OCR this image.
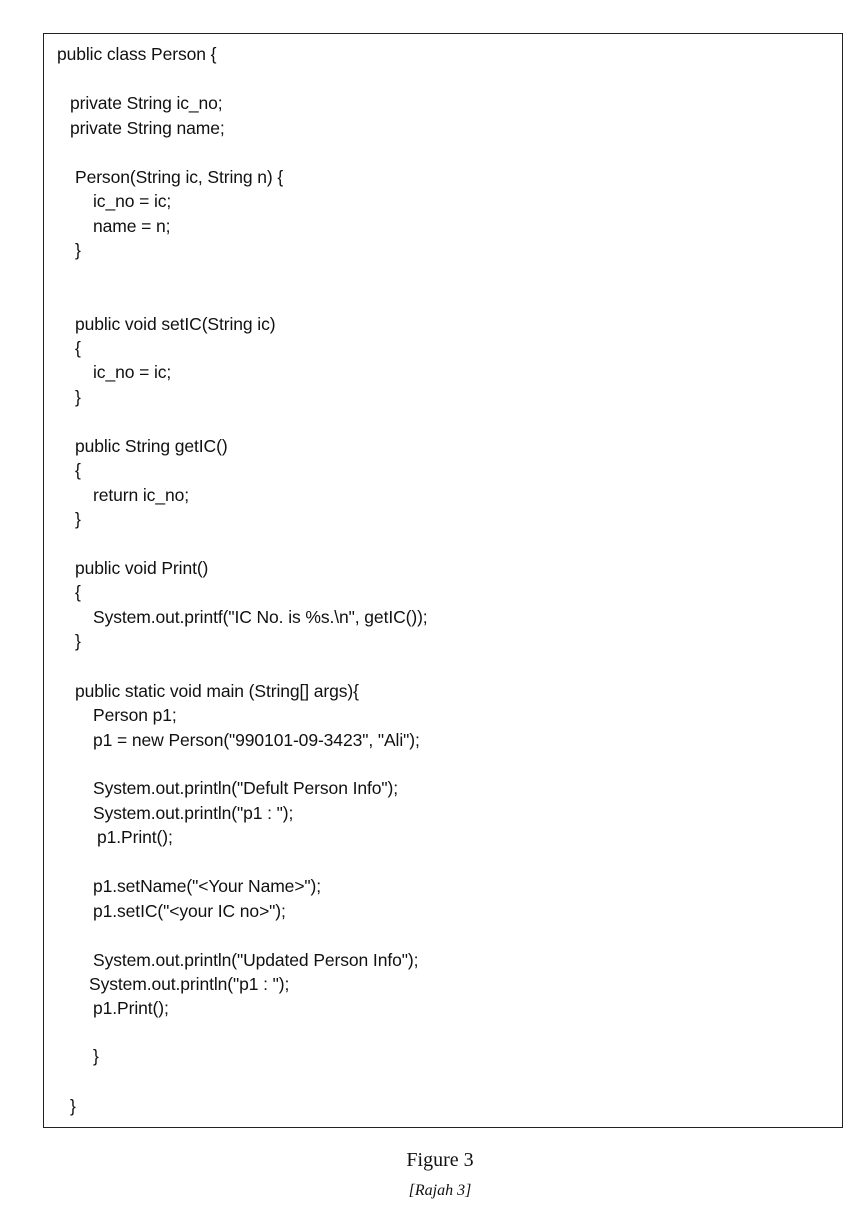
public class Person {
private String ic_no;
private String name;
Person(String ic, String n) {
ic_no = ic;
name = n;
}
public void setIC(String ic)
{
ic_no = ic;
}
public String getIC()
{
return ic_no;
}
public void Print()
{
System.out.printf("IC No. is %s.\n", getIC());
}
public static void main (String[] args){
Person p1;
p1 = new Person("990101-09-3423", "Ali");
System.out.println("Defult Person Info");
System.out.println("p1 : ");
p1.Print();
p1.setName("<Your Name>");
p1.setIC("<your IC no>");
System.out.println("Updated Person Info");
System.out.println("p1 : ");
p1.Print();
}
}
Figure 3
[Rajah 3]
